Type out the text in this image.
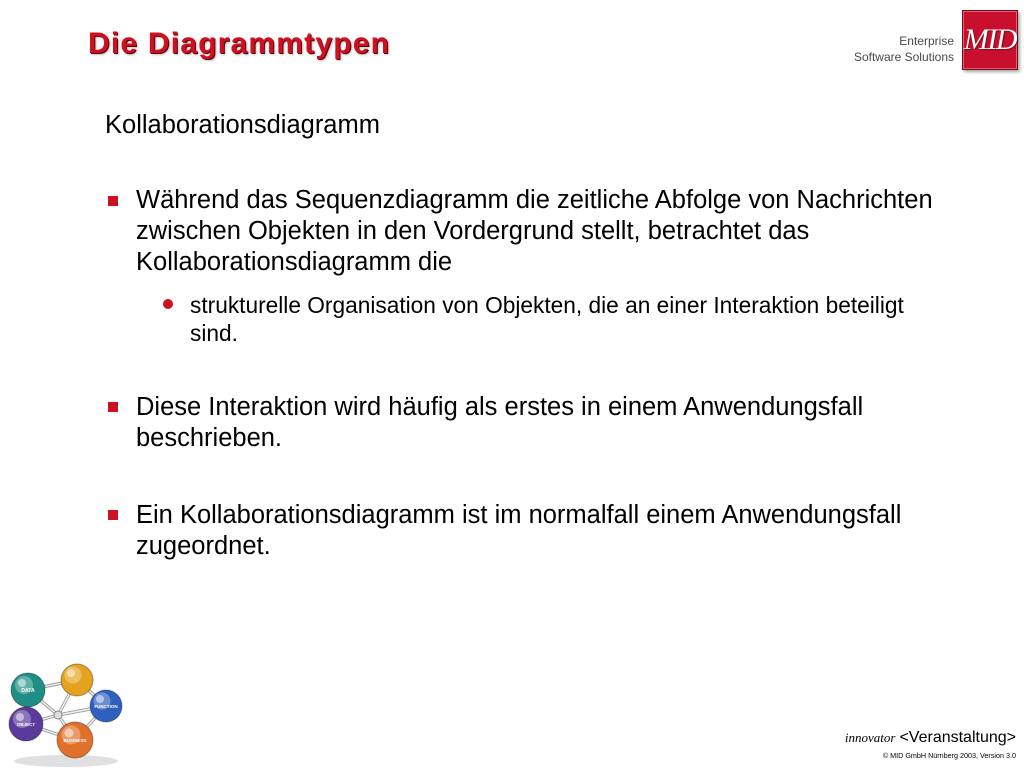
Die Diagrammtypen	Enterprise
Software Solutions
MID
Kollaborationsdiagramm
Während das Sequenzdiagramm die zeitliche Abfolge von Nachrichten
zwischen Objekten in den Vordergrund stellt, betrachtet das
Kollaborationsdiagramm die
strukturelle Organisation von Objekten, die an einer Interaktion beteiligt
sind.
Diese Interaktion wird häufig als erstes in einem Anwendungsfall
beschrieben.
Ein Kollaborationsdiagramm ist im normalfall einem Anwendungsfall
zugeordnet.
DATA
FUNCTION
OBJECT
BUSINESS	innovator <Veranstaltung>
© MID GmbH Nürnberg 2003, Version 3.0
